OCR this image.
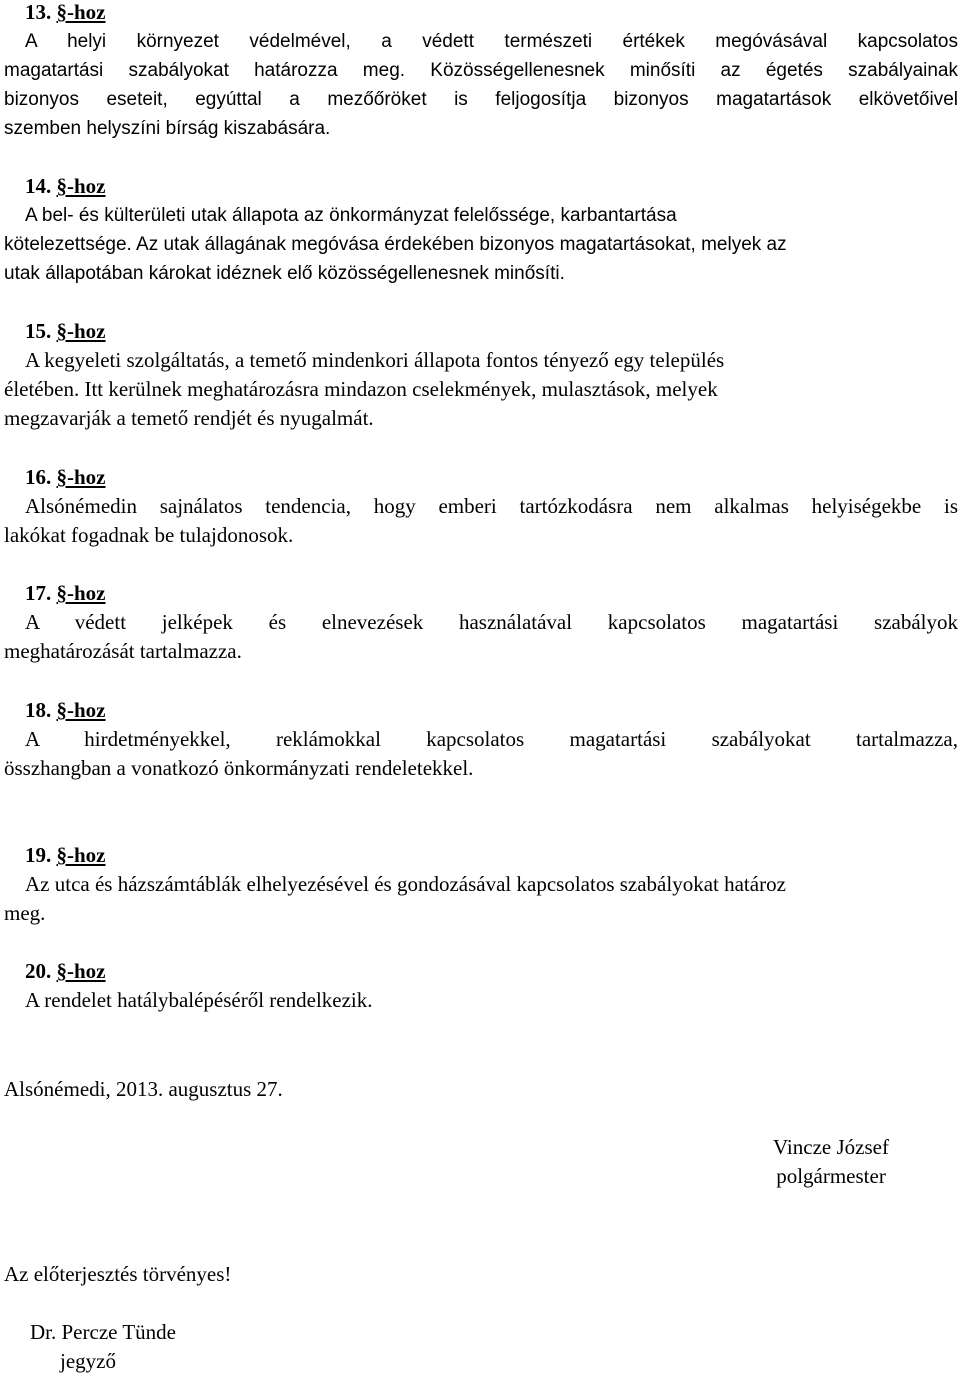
13. §-hoz
A helyi környezet védelmével, a védett természeti értékek megóvásával kapcsolatos
magatartási szabályokat határozza meg. Közösségellenesnek minősíti az égetés szabályainak
bizonyos eseteit, egyúttal a mezőőröket is feljogosítja bizonyos magatartások elkövetőivel
szemben helyszíni bírság kiszabására.
14. §-hoz
A bel- és külterületi utak állapota az önkormányzat felelőssége, karbantartása
kötelezettsége. Az utak állagának megóvása érdekében bizonyos magatartásokat, melyek az
utak állapotában károkat idéznek elő közösségellenesnek minősíti.
15. §-hoz
A kegyeleti szolgáltatás, a temető mindenkori állapota fontos tényező egy település
életében. Itt kerülnek meghatározásra mindazon cselekmények, mulasztások, melyek
megzavarják a temető rendjét és nyugalmát.
16. §-hoz
Alsónémedin sajnálatos tendencia, hogy emberi tartózkodásra nem alkalmas helyiségekbe is
lakókat fogadnak be tulajdonosok.
17. §-hoz
A védett jelképek és elnevezések használatával kapcsolatos magatartási szabályok
meghatározását tartalmazza.
18. §-hoz
A hirdetményekkel, reklámokkal kapcsolatos magatartási szabályokat tartalmazza,
összhangban a vonatkozó önkormányzati rendeletekkel.
19. §-hoz
Az utca és házszámtáblák elhelyezésével és gondozásával kapcsolatos szabályokat határoz
meg.
20. §-hoz
A rendelet hatálybalépéséről rendelkezik.
Alsónémedi, 2013. augusztus 27.
Vincze József
polgármester
Az előterjesztés törvényes!
Dr. Percze Tünde
jegyző
